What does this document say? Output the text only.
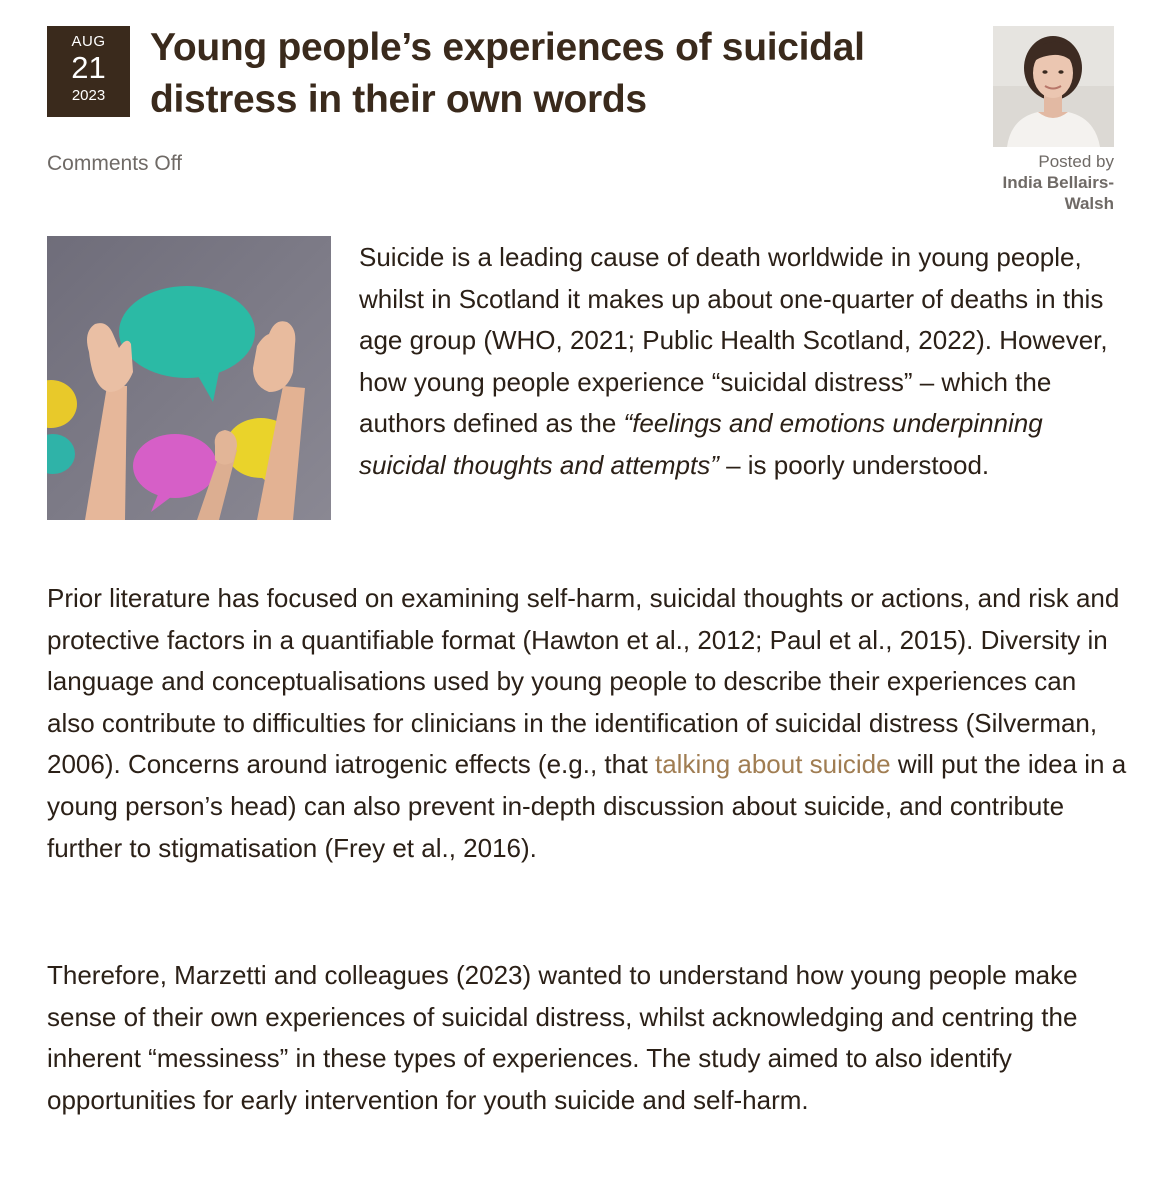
AUG
21
2023
Young people’s experiences of suicidal distress in their own words
Comments Off	Posted by
India Bellairs-Walsh

Suicide is a leading cause of death worldwide in young people, whilst in Scotland it makes up about one-quarter of deaths in this age group (WHO, 2021; Public Health Scotland, 2022). However, how young people experience “suicidal distress” – which the authors defined as the “feelings and emotions underpinning suicidal thoughts and attempts” – is poorly understood.

Prior literature has focused on examining self-harm, suicidal thoughts or actions, and risk and protective factors in a quantifiable format (Hawton et al., 2012; Paul et al., 2015). Diversity in language and conceptualisations used by young people to describe their experiences can also contribute to difficulties for clinicians in the identification of suicidal distress (Silverman, 2006). Concerns around iatrogenic effects (e.g., that talking about suicide will put the idea in a young person’s head) can also prevent in-depth discussion about suicide, and contribute further to stigmatisation (Frey et al., 2016).

Therefore, Marzetti and colleagues (2023) wanted to understand how young people make sense of their own experiences of suicidal distress, whilst acknowledging and centring the inherent “messiness” in these types of experiences. The study aimed to also identify opportunities for early intervention for youth suicide and self-harm.
